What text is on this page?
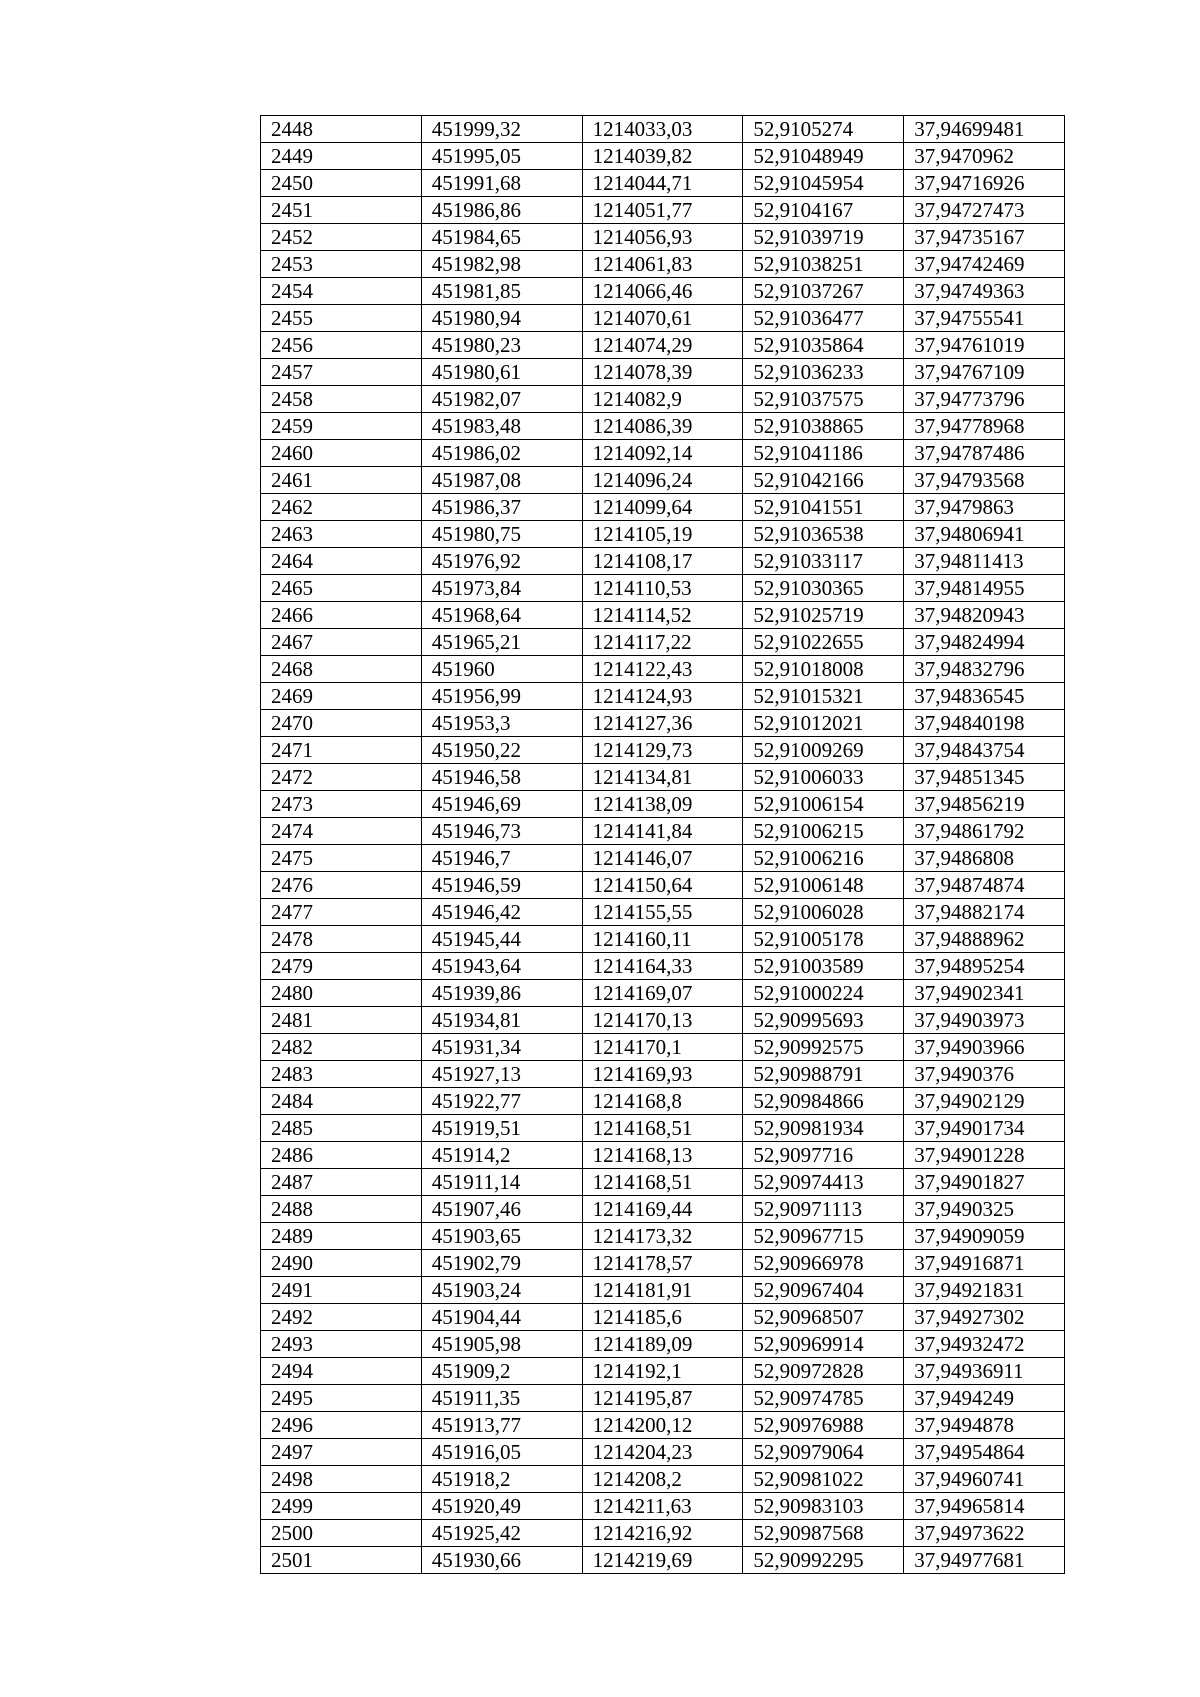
2448	451999,32	1214033,03	52,9105274	37,94699481
2449	451995,05	1214039,82	52,91048949	37,9470962
2450	451991,68	1214044,71	52,91045954	37,94716926
2451	451986,86	1214051,77	52,9104167	37,94727473
2452	451984,65	1214056,93	52,91039719	37,94735167
2453	451982,98	1214061,83	52,91038251	37,94742469
2454	451981,85	1214066,46	52,91037267	37,94749363
2455	451980,94	1214070,61	52,91036477	37,94755541
2456	451980,23	1214074,29	52,91035864	37,94761019
2457	451980,61	1214078,39	52,91036233	37,94767109
2458	451982,07	1214082,9	52,91037575	37,94773796
2459	451983,48	1214086,39	52,91038865	37,94778968
2460	451986,02	1214092,14	52,91041186	37,94787486
2461	451987,08	1214096,24	52,91042166	37,94793568
2462	451986,37	1214099,64	52,91041551	37,9479863
2463	451980,75	1214105,19	52,91036538	37,94806941
2464	451976,92	1214108,17	52,91033117	37,94811413
2465	451973,84	1214110,53	52,91030365	37,94814955
2466	451968,64	1214114,52	52,91025719	37,94820943
2467	451965,21	1214117,22	52,91022655	37,94824994
2468	451960	1214122,43	52,91018008	37,94832796
2469	451956,99	1214124,93	52,91015321	37,94836545
2470	451953,3	1214127,36	52,91012021	37,94840198
2471	451950,22	1214129,73	52,91009269	37,94843754
2472	451946,58	1214134,81	52,91006033	37,94851345
2473	451946,69	1214138,09	52,91006154	37,94856219
2474	451946,73	1214141,84	52,91006215	37,94861792
2475	451946,7	1214146,07	52,91006216	37,9486808
2476	451946,59	1214150,64	52,91006148	37,94874874
2477	451946,42	1214155,55	52,91006028	37,94882174
2478	451945,44	1214160,11	52,91005178	37,94888962
2479	451943,64	1214164,33	52,91003589	37,94895254
2480	451939,86	1214169,07	52,91000224	37,94902341
2481	451934,81	1214170,13	52,90995693	37,94903973
2482	451931,34	1214170,1	52,90992575	37,94903966
2483	451927,13	1214169,93	52,90988791	37,9490376
2484	451922,77	1214168,8	52,90984866	37,94902129
2485	451919,51	1214168,51	52,90981934	37,94901734
2486	451914,2	1214168,13	52,9097716	37,94901228
2487	451911,14	1214168,51	52,90974413	37,94901827
2488	451907,46	1214169,44	52,90971113	37,9490325
2489	451903,65	1214173,32	52,90967715	37,94909059
2490	451902,79	1214178,57	52,90966978	37,94916871
2491	451903,24	1214181,91	52,90967404	37,94921831
2492	451904,44	1214185,6	52,90968507	37,94927302
2493	451905,98	1214189,09	52,90969914	37,94932472
2494	451909,2	1214192,1	52,90972828	37,94936911
2495	451911,35	1214195,87	52,90974785	37,9494249
2496	451913,77	1214200,12	52,90976988	37,9494878
2497	451916,05	1214204,23	52,90979064	37,94954864
2498	451918,2	1214208,2	52,90981022	37,94960741
2499	451920,49	1214211,63	52,90983103	37,94965814
2500	451925,42	1214216,92	52,90987568	37,94973622
2501	451930,66	1214219,69	52,90992295	37,94977681
